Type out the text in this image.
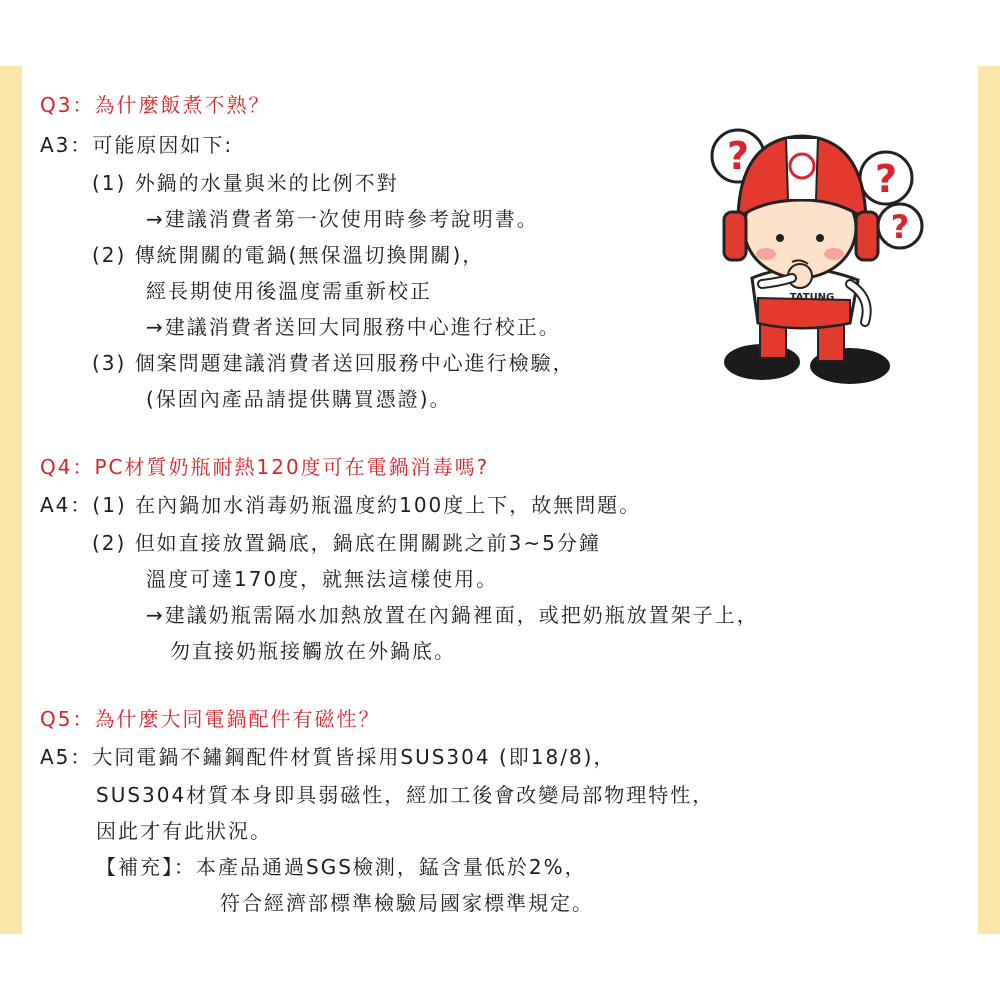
Q3：為什麼飯煮不熟？
A3：可能原因如下:
(1) 外鍋的水量與米的比例不對
→建議消費者第一次使用時參考說明書。
(2) 傳統開關的電鍋(無保溫切換開關)，
經長期使用後溫度需重新校正
→建議消費者送回大同服務中心進行校正。
(3) 個案問題建議消費者送回服務中心進行檢驗，
(保固內產品請提供購買憑證)。
Q4：PC材質奶瓶耐熱120度可在電鍋消毒嗎?
A4：(1) 在內鍋加水消毒奶瓶溫度約100度上下，故無問題。
(2) 但如直接放置鍋底，鍋底在開關跳之前3~5分鐘
溫度可達170度，就無法這樣使用。
→建議奶瓶需隔水加熱放置在內鍋裡面，或把奶瓶放置架子上，
勿直接奶瓶接觸放在外鍋底。
Q5：為什麼大同電鍋配件有磁性？
A5：大同電鍋不鏽鋼配件材質皆採用SUS304 (即18/8)，
SUS304材質本身即具弱磁性，經加工後會改變局部物理特性，
因此才有此狀況。
【補充】：本產品通過SGS檢測，錳含量低於2%，
符合經濟部標準檢驗局國家標準規定。
?
?
?
TATUNG
